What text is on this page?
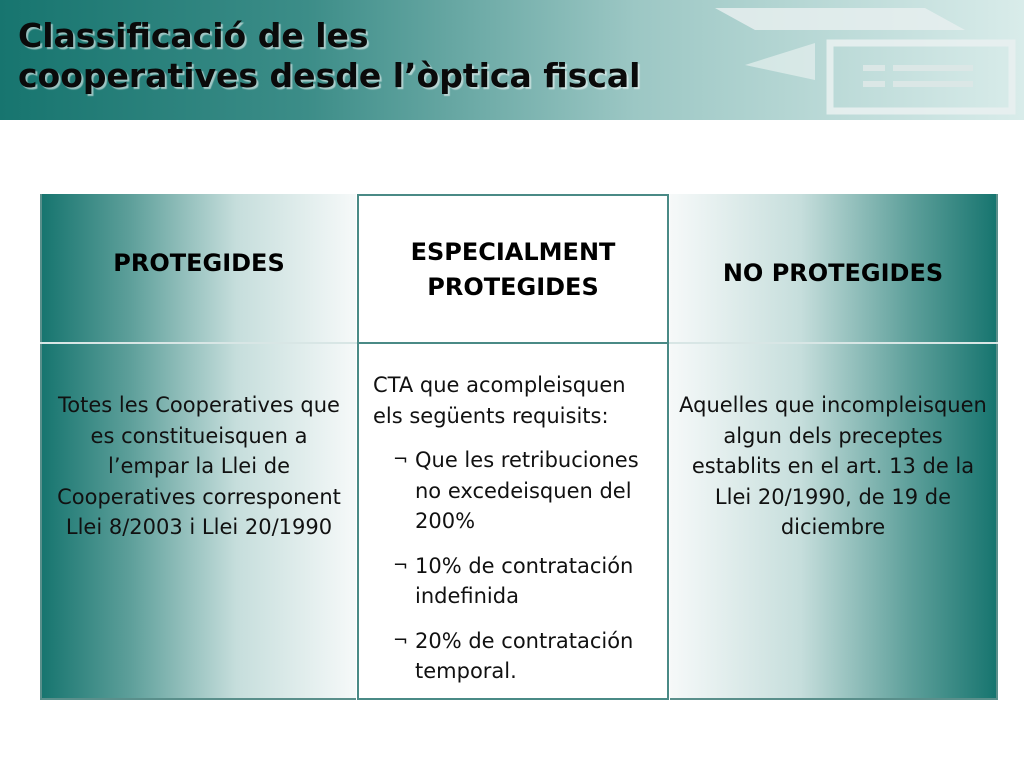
Classificació de les
cooperatives desde l’òptica fiscal
PROTEGIDES
Totes les Cooperatives que es constitueisquen a l’empar la Llei de Cooperatives corresponent Llei 8/2003 i Llei 20/1990
ESPECIALMENT
PROTEGIDES

CTA que acompleisquen els següents requisits:

¬ Que les retribuciones no excedeisquen del 200%
¬ 10% de contratación indefinida
¬ 20% de contratación temporal.
NO PROTEGIDES
Aquelles que incompleisquen algun dels preceptes establits en el art. 13 de la Llei 20/1990, de 19 de diciembre
